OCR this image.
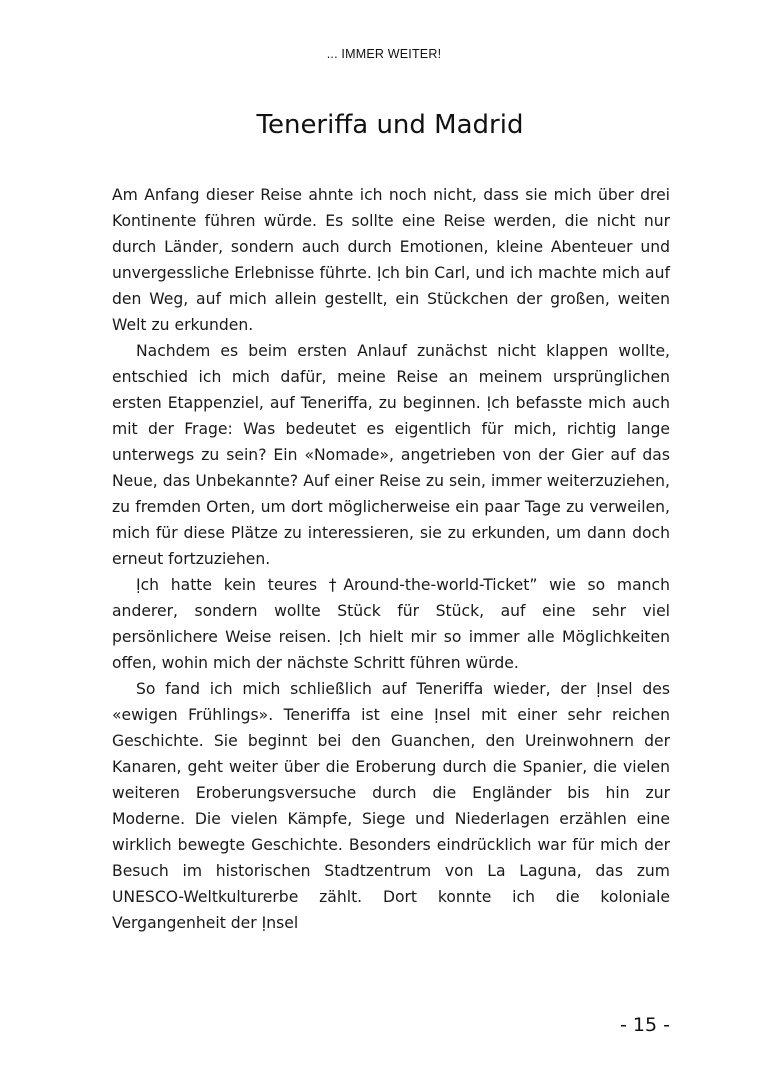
... IMMER WEITER!
Teneriffa und Madrid

Am Anfang dieser Reise ahnte ich noch nicht, dass sie mich über drei Kontinente führen würde. Es sollte eine Reise werden, die nicht nur durch Länder, sondern auch durch Emotionen, kleine Abenteuer und unvergessliche Erlebnisse führte. Ịch bin Carl, und ich machte mich auf den Weg, auf mich allein gestellt, ein Stückchen der großen, weiten Welt zu erkunden.

Nachdem es beim ersten Anlauf zunächst nicht klappen wollte, entschied ich mich dafür, meine Reise an meinem ursprünglichen ersten Etappenziel, auf Teneriffa, zu beginnen. Ịch befasste mich auch mit der Frage: Was bedeutet es eigentlich für mich, richtig lange unterwegs zu sein? Ein «Nomade», angetrieben von der Gier auf das Neue, das Unbekannte? Auf einer Reise zu sein, immer weiterzuziehen, zu fremden Orten, um dort möglicherweise ein paar Tage zu verweilen, mich für diese Plätze zu interessieren, sie zu erkunden, um dann doch erneut fortzuziehen.

Ịch hatte kein teures †Around-the-world-Ticket” wie so manch anderer, sondern wollte Stück für Stück, auf eine sehr viel persönlichere Weise reisen. Ịch hielt mir so immer alle Möglichkeiten offen, wohin mich der nächste Schritt führen würde.

So fand ich mich schließlich auf Teneriffa wieder, der Ịnsel des «ewigen Frühlings». Teneriffa ist eine Ịnsel mit einer sehr reichen Geschichte. Sie beginnt bei den Guanchen, den Ureinwohnern der Kanaren, geht weiter über die Eroberung durch die Spanier, die vielen weiteren Eroberungsversuche durch die Engländer bis hin zur Moderne. Die vielen Kämpfe, Siege und Niederlagen erzählen eine wirklich bewegte Geschichte. Besonders eindrücklich war für mich der Besuch im historischen Stadtzentrum von La Laguna, das zum UNESCO-Weltkulturerbe zählt. Dort konnte ich die koloniale Vergangenheit der Ịnsel

- 15 -
